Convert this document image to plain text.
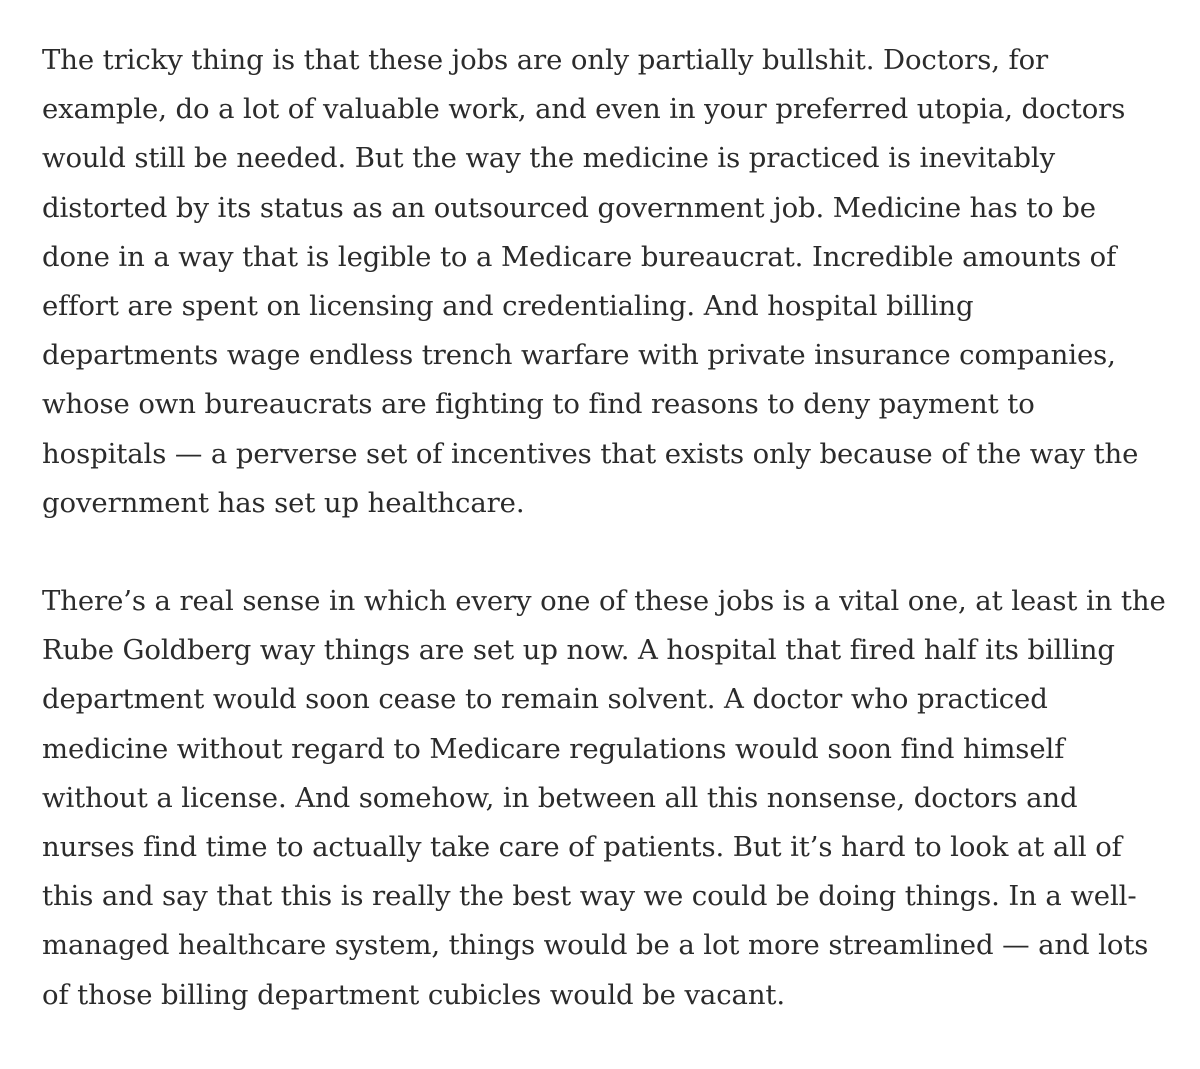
The tricky thing is that these jobs are only partially bullshit. Doctors, for
example, do a lot of valuable work, and even in your preferred utopia, doctors
would still be needed. But the way the medicine is practiced is inevitably
distorted by its status as an outsourced government job. Medicine has to be
done in a way that is legible to a Medicare bureaucrat. Incredible amounts of
effort are spent on licensing and credentialing. And hospital billing
departments wage endless trench warfare with private insurance companies,
whose own bureaucrats are fighting to find reasons to deny payment to
hospitals — a perverse set of incentives that exists only because of the way the
government has set up healthcare.

There’s a real sense in which every one of these jobs is a vital one, at least in the
Rube Goldberg way things are set up now. A hospital that fired half its billing
department would soon cease to remain solvent. A doctor who practiced
medicine without regard to Medicare regulations would soon find himself
without a license. And somehow, in between all this nonsense, doctors and
nurses find time to actually take care of patients. But it’s hard to look at all of
this and say that this is really the best way we could be doing things. In a well-
managed healthcare system, things would be a lot more streamlined — and lots
of those billing department cubicles would be vacant.
